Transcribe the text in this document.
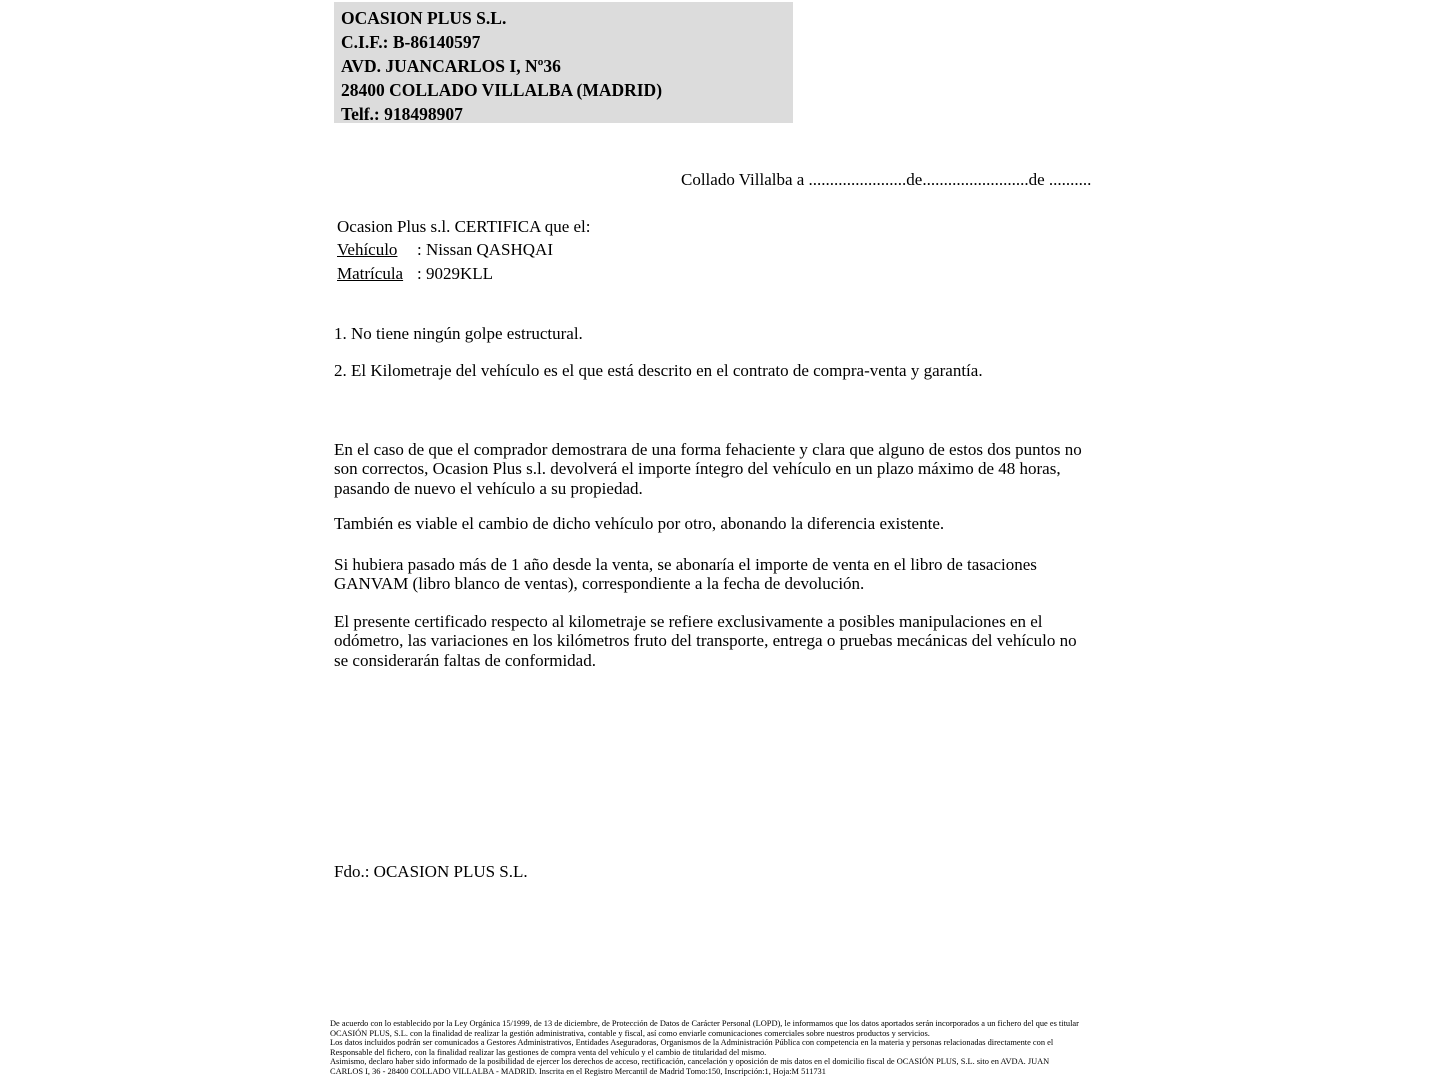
OCASION PLUS S.L.
C.I.F.: B-86140597
AVD. JUANCARLOS I, Nº36
28400 COLLADO VILLALBA (MADRID)
Telf.: 918498907
Collado Villalba a .......................de.........................de ..........
Ocasion Plus s.l. CERTIFICA que el:
Vehículo : Nissan QASHQAI
Matrícula : 9029KLL
1. No tiene ningún golpe estructural.
2. El Kilometraje del vehículo es el que está descrito en el contrato de compra-venta y garantía.
En el caso de que el comprador demostrara de una forma fehaciente y clara que alguno de estos dos puntos no
son correctos, Ocasion Plus s.l. devolverá el importe íntegro del vehículo en un plazo máximo de 48 horas,
pasando de nuevo el vehículo a su propiedad.
También es viable el cambio de dicho vehículo por otro, abonando la diferencia existente.
Si hubiera pasado más de 1 año desde la venta, se abonaría el importe de venta en el libro de tasaciones
GANVAM (libro blanco de ventas), correspondiente a la fecha de devolución.
El presente certificado respecto al kilometraje se refiere exclusivamente a posibles manipulaciones en el
odómetro, las variaciones en los kilómetros fruto del transporte, entrega o pruebas mecánicas del vehículo no
se considerarán faltas de conformidad.
Fdo.: OCASION PLUS S.L.
De acuerdo con lo establecido por la Ley Orgánica 15/1999, de 13 de diciembre, de Protección de Datos de Carácter Personal (LOPD), le informamos que los datos aportados serán incorporados a un fichero del que es titular
OCASIÓN PLUS, S.L. con la finalidad de realizar la gestión administrativa, contable y fiscal, así como enviarle comunicaciones comerciales sobre nuestros productos y servicios.
Los datos incluidos podrán ser comunicados a Gestores Administrativos, Entidades Aseguradoras, Organismos de la Administración Pública con competencia en la materia y personas relacionadas directamente con el
Responsable del fichero, con la finalidad realizar las gestiones de compra venta del vehículo y el cambio de titularidad del mismo.
Asimismo, declaro haber sido informado de la posibilidad de ejercer los derechos de acceso, rectificación, cancelación y oposición de mis datos en el domicilio fiscal de OCASIÓN PLUS, S.L. sito en AVDA. JUAN
CARLOS I, 36 - 28400 COLLADO VILLALBA - MADRID. Inscrita en el Registro Mercantil de Madrid Tomo:150, Inscripción:1, Hoja:M 511731
